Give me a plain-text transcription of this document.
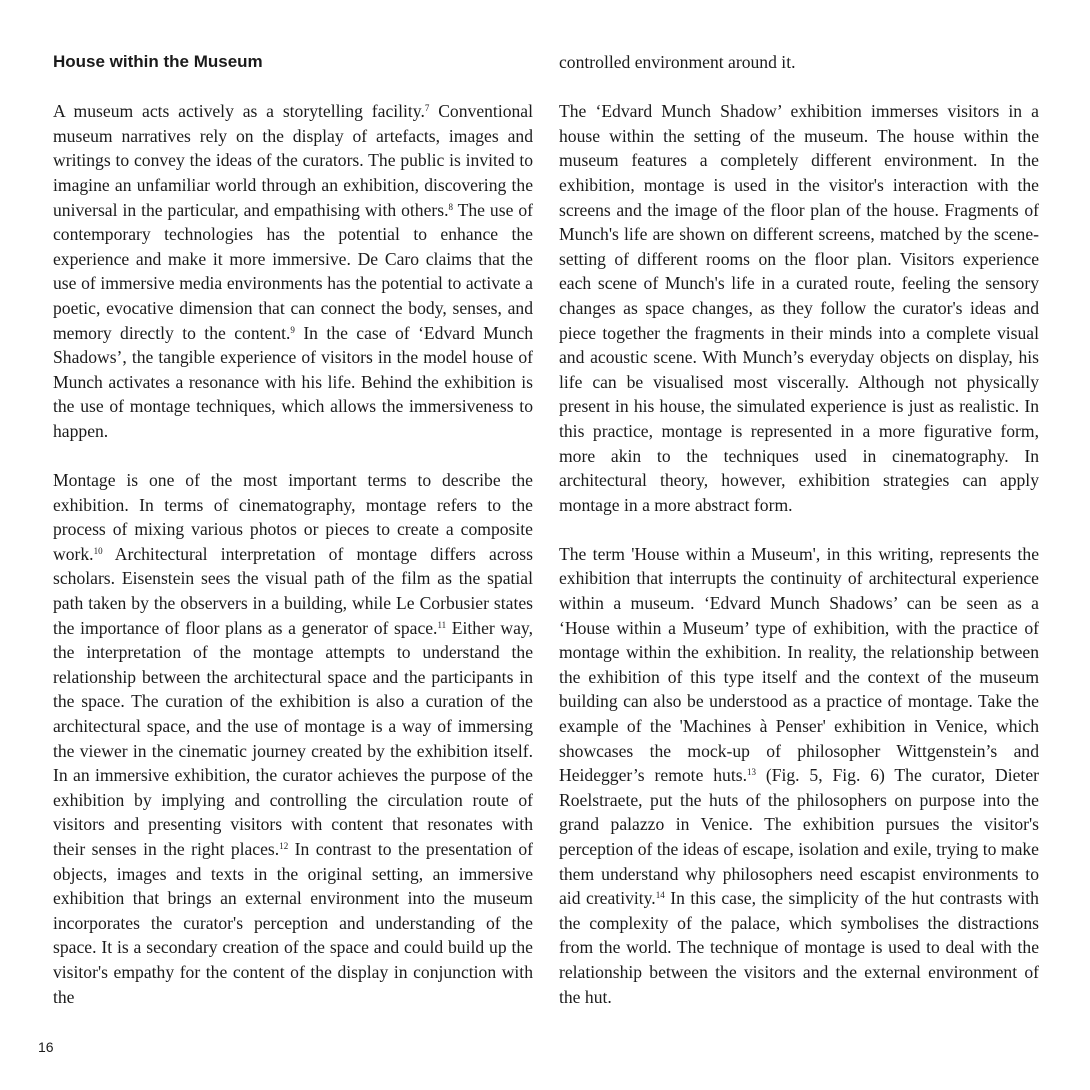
House within the Museum

A museum acts actively as a storytelling facility.$^7$ Conventional museum narratives rely on the display of artefacts, images and writings to convey the ideas of the curators. The public is invited to imagine an unfamiliar world through an exhibition, discovering the universal in the particular, and empathising with others.$^8$ The use of contemporary technologies has the potential to enhance the experience and make it more immersive. De Caro claims that the use of immersive media environments has the potential to activate a poetic, evocative dimension that can connect the body, senses, and memory directly to the content.$^9$ In the case of ‘Edvard Munch Shadows’, the tangible experience of visitors in the model house of Munch activates a resonance with his life. Behind the exhibition is the use of montage techniques, which allows the immersiveness to happen.

Montage is one of the most important terms to describe the exhibition. In terms of cinematography, montage refers to the process of mixing various photos or pieces to create a composite work.$^{10}$ Architectural interpretation of montage differs across scholars. Eisenstein sees the visual path of the film as the spatial path taken by the observers in a building, while Le Corbusier states the importance of floor plans as a generator of space.$^{11}$ Either way, the interpretation of the montage attempts to understand the relationship between the architectural space and the participants in the space. The curation of the exhibition is also a curation of the architectural space, and the use of montage is a way of immersing the viewer in the cinematic journey created by the exhibition itself. In an immersive exhibition, the curator achieves the purpose of the exhibition by implying and controlling the circulation route of visitors and presenting visitors with content that resonates with their senses in the right places.$^{12}$ In contrast to the presentation of objects, images and texts in the original setting, an immersive exhibition that brings an external environment into the museum incorporates the curator's perception and understanding of the space. It is a secondary creation of the space and could build up the visitor's empathy for the content of the display in conjunction with the

controlled environment around it.

The ‘Edvard Munch Shadow’ exhibition immerses visitors in a house within the setting of the museum. The house within the museum features a completely different environment. In the exhibition, montage is used in the visitor's interaction with the screens and the image of the floor plan of the house. Fragments of Munch's life are shown on different screens, matched by the scene-setting of different rooms on the floor plan. Visitors experience each scene of Munch's life in a curated route, feeling the sensory changes as space changes, as they follow the curator's ideas and piece together the fragments in their minds into a complete visual and acoustic scene. With Munch’s everyday objects on display, his life can be visualised most viscerally. Although not physically present in his house, the simulated experience is just as realistic. In this practice, montage is represented in a more figurative form, more akin to the techniques used in cinematography. In architectural theory, however, exhibition strategies can apply montage in a more abstract form.

The term 'House within a Museum', in this writing, represents the exhibition that interrupts the continuity of architectural experience within a museum. ‘Edvard Munch Shadows’ can be seen as a ‘House within a Museum’ type of exhibition, with the practice of montage within the exhibition. In reality, the relationship between the exhibition of this type itself and the context of the museum building can also be understood as a practice of montage. Take the example of the 'Machines à Penser' exhibition in Venice, which showcases the mock-up of philosopher Wittgenstein’s and Heidegger’s remote huts.$^{13}$ (Fig. 5, Fig. 6) The curator, Dieter Roelstraete, put the huts of the philosophers on purpose into the grand palazzo in Venice. The exhibition pursues the visitor's perception of the ideas of escape, isolation and exile, trying to make them understand why philosophers need escapist environments to aid creativity.$^{14}$ In this case, the simplicity of the hut contrasts with the complexity of the palace, which symbolises the distractions from the world. The technique of montage is used to deal with the relationship between the visitors and the external environment of the hut.

16
